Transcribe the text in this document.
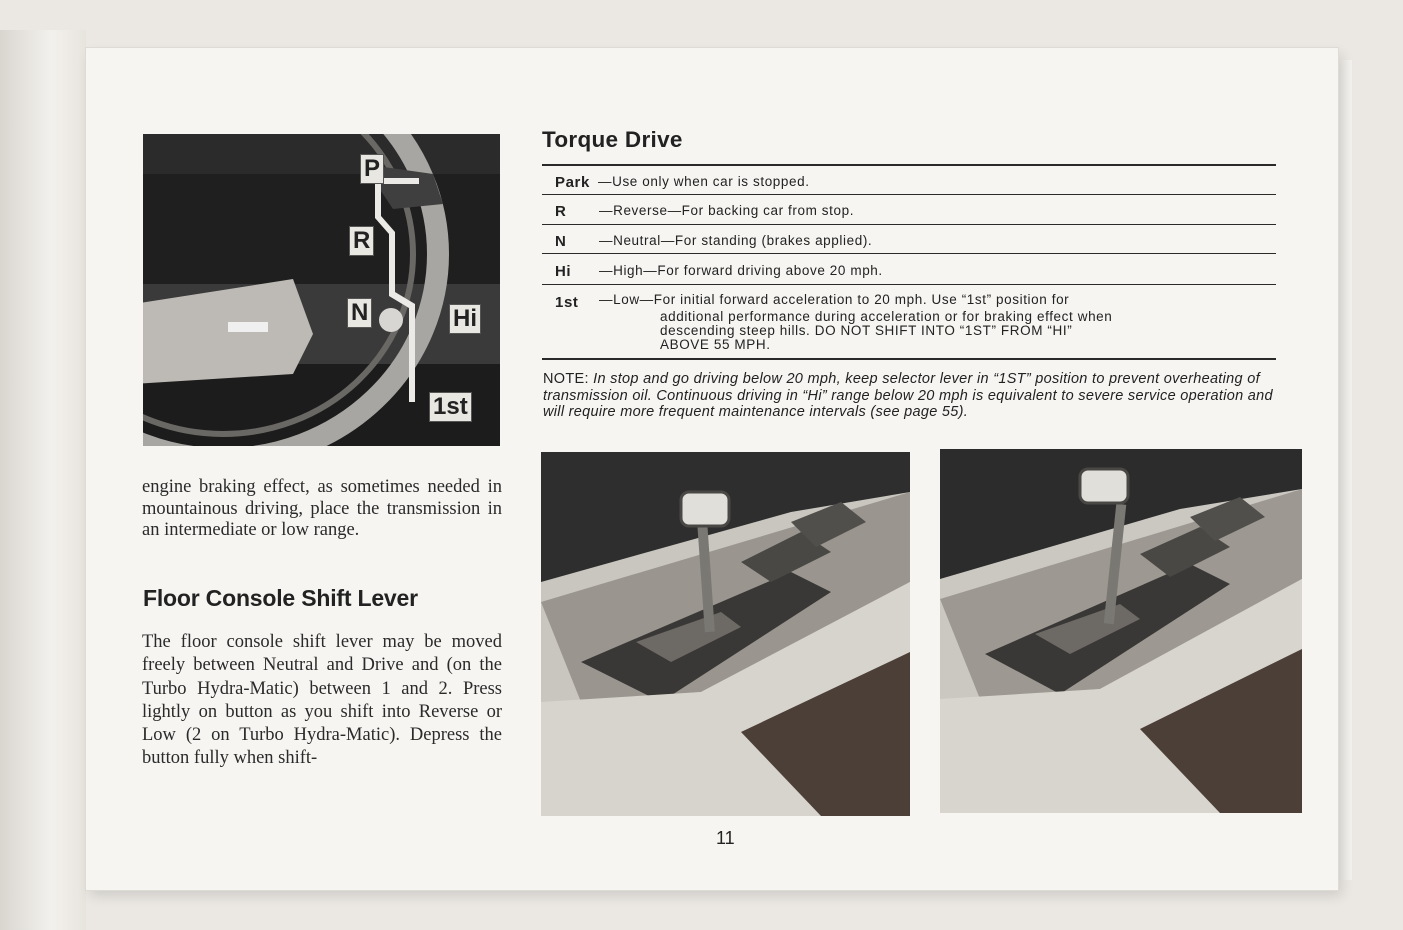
P
R
N	Hi
1st
engine braking effect, as sometimes needed in mountainous driving, place the transmission in an intermediate or low range.
Floor Console Shift Lever
The floor console shift lever may be moved freely between Neutral and Drive and (on the Turbo Hydra-Matic) between 1 and 2. Press lightly on button as you shift into Reverse or Low (2 on Turbo Hydra-Matic). Depress the button fully when shift-
Torque Drive
Park —Use only when car is stopped.
R —Reverse—For backing car from stop.
N —Neutral—For standing (brakes applied).
Hi —High—For forward driving above 20 mph.
1st —Low—For initial forward acceleration to 20 mph. Use “1st” position for
additional performance during acceleration or for braking effect when
descending steep hills. DO NOT SHIFT INTO “1ST” FROM “HI”
ABOVE 55 MPH.
NOTE: In stop and go driving below 20 mph, keep selector lever in “1ST” position to prevent overheating of transmission oil. Continuous driving in “Hi” range below 20 mph is equivalent to severe service operation and will require more frequent maintenance intervals (see page 55).
11
